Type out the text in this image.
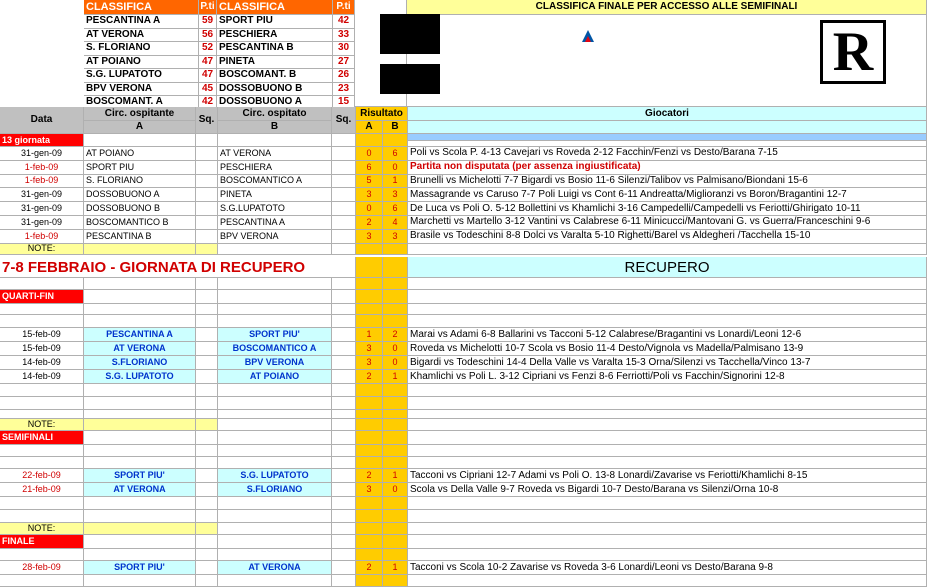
CLASSIFICA	P.ti CLASSIFICA	P.ti
PESCANTINA A	59 SPORT PIU	42
AT VERONA	56 PESCHIERA	33
S. FLORIANO	52 PESCANTINA B	30
AT POIANO	47 PINETA	27
S.G. LUPATOTO	47 BOSCOMANT. B	26
BPV VERONA	45 DOSSOBUONO B	23
BOSCOMANT. A	42 DOSSOBUONO A	15
CLASSIFICA FINALE PER ACCESSO ALLE SEMIFINALI
R
Data
Circ. ospitante
A
Sq.
Circ. ospitato
B
Sq.
Risultato
A	B
Giocatori
13 giornata
31-gen-09	AT POIANO	AT VERONA	0	6	Poli vs Scola P. 4-13 Cavejari vs Roveda 2-12 Facchin/Fenzi vs Desto/Barana 7-15
1-feb-09	SPORT PIU	PESCHIERA	6	0	Partita non disputata (per assenza ingiustificata)
1-feb-09	S. FLORIANO	BOSCOMANTICO A	5	1	Brunelli vs Michelotti 7-7 Bigardi vs Bosio 11-6 Silenzi/Talibov vs Palmisano/Biondani 15-6
31-gen-09	DOSSOBUONO A	PINETA	3	3	Massagrande vs Caruso 7-7 Poli Luigi vs Cont 6-11 Andreatta/Miglioranzi vs Boron/Bragantini 12-7
31-gen-09	DOSSOBUONO B	S.G.LUPATOTO	0	6	De Luca vs Poli O. 5-12 Bollettini vs Khamlichi 3-16 Campedelli/Campedelli vs Feriotti/Ghirigato 10-11
31-gen-09	BOSCOMANTICO B	PESCANTINA A	2	4	Marchetti vs Martello 3-12 Vantini vs Calabrese 6-11 Minicucci/Mantovani G. vs Guerra/Franceschini 9-6
1-feb-09	PESCANTINA B	BPV VERONA	3	3	Brasile vs Todeschini 8-8 Dolci vs Varalta 5-10 Righetti/Barel vs Aldegheri /Tacchella 15-10
NOTE:
7-8 FEBBRAIO - GIORNATA DI RECUPERO	RECUPERO
QUARTI-FIN
15-feb-09	PESCANTINA A	SPORT PIU'	1	2	Marai vs Adami 6-8 Ballarini vs Tacconi 5-12 Calabrese/Bragantini vs Lonardi/Leoni 12-6
15-feb-09	AT VERONA	BOSCOMANTICO A	3	0	Roveda vs Michelotti 10-7 Scola vs Bosio 11-4 Desto/Vignola vs Madella/Palmisano 13-9
14-feb-09	S.FLORIANO	BPV VERONA	3	0	Bigardi vs Todeschini 14-4 Della Valle vs Varalta 15-3 Orna/Silenzi vs Tacchella/Vinco 13-7
14-feb-09	S.G. LUPATOTO	AT POIANO	2	1	Khamlichi vs Poli L. 3-12 Cipriani vs Fenzi 8-6 Ferriotti/Poli vs Facchin/Signorini 12-8
NOTE:
SEMIFINALI
22-feb-09	SPORT PIU'	S.G. LUPATOTO	2	1	Tacconi vs Cipriani 12-7 Adami vs Poli O. 13-8 Lonardi/Zavarise vs Feriotti/Khamlichi 8-15
21-feb-09	AT VERONA	S.FLORIANO	3	0	Scola vs Della Valle 9-7 Roveda vs Bigardi 10-7 Desto/Barana vs Silenzi/Orna 10-8
NOTE:
FINALE
28-feb-09	SPORT PIU'	AT VERONA	2	1	Tacconi vs Scola 10-2 Zavarise vs Roveda 3-6 Lonardi/Leoni vs Desto/Barana 9-8
